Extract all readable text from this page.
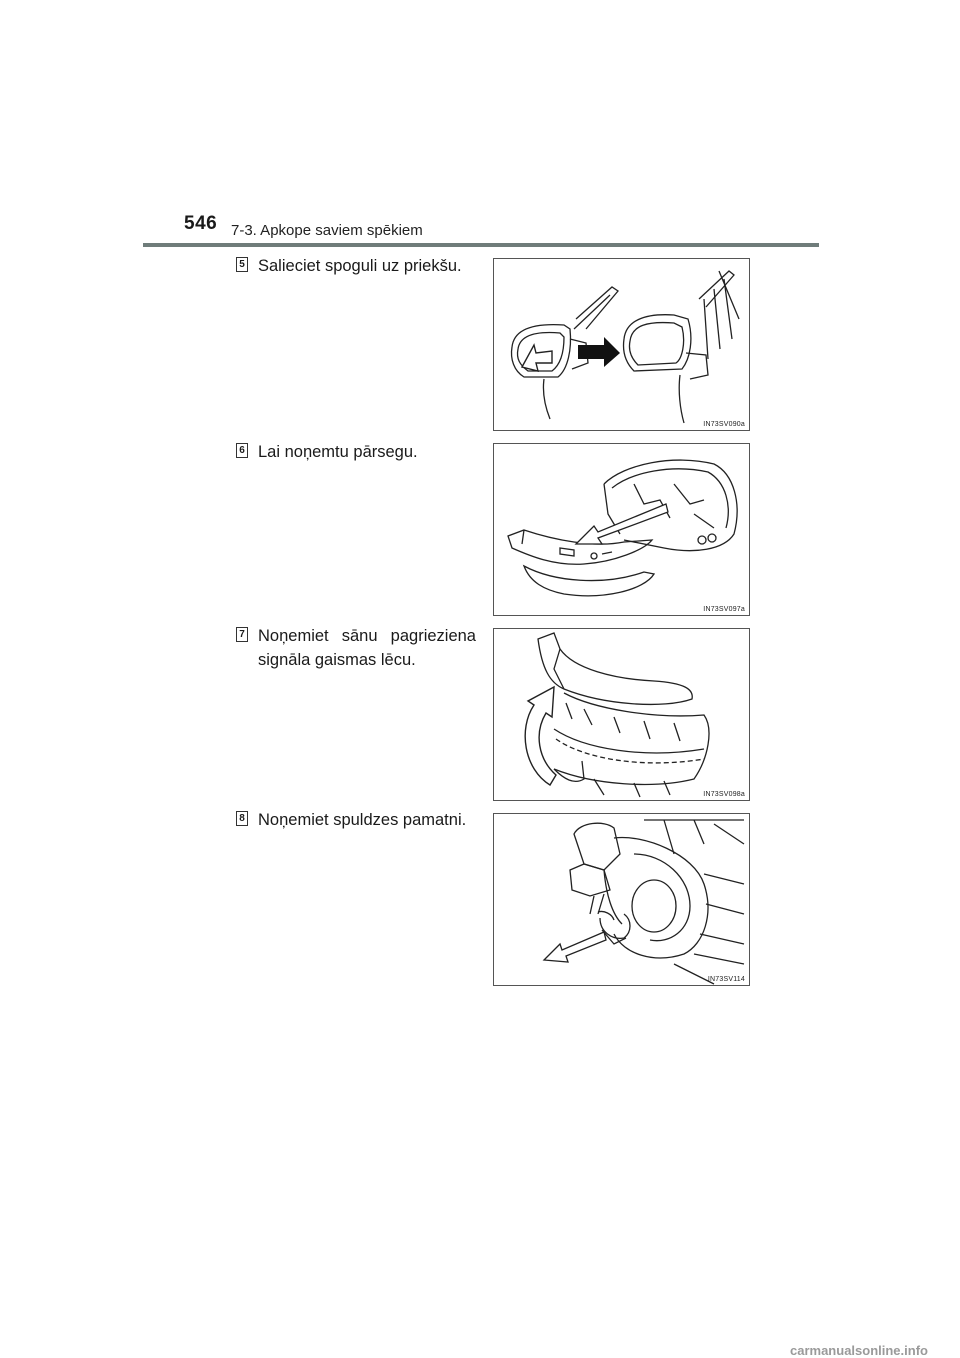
546 7-3. Apkope saviem spēkiem
5 Salieciet spoguli uz priekšu.
IN73SV090a
6 Lai noņemtu pārsegu.
IN73SV097a
7 Noņemiet sānu pagrieziena signāla gaismas lēcu.
IN73SV098a
8 Noņemiet spuldzes pamatni.
IN73SV114
carmanualsonline.info
